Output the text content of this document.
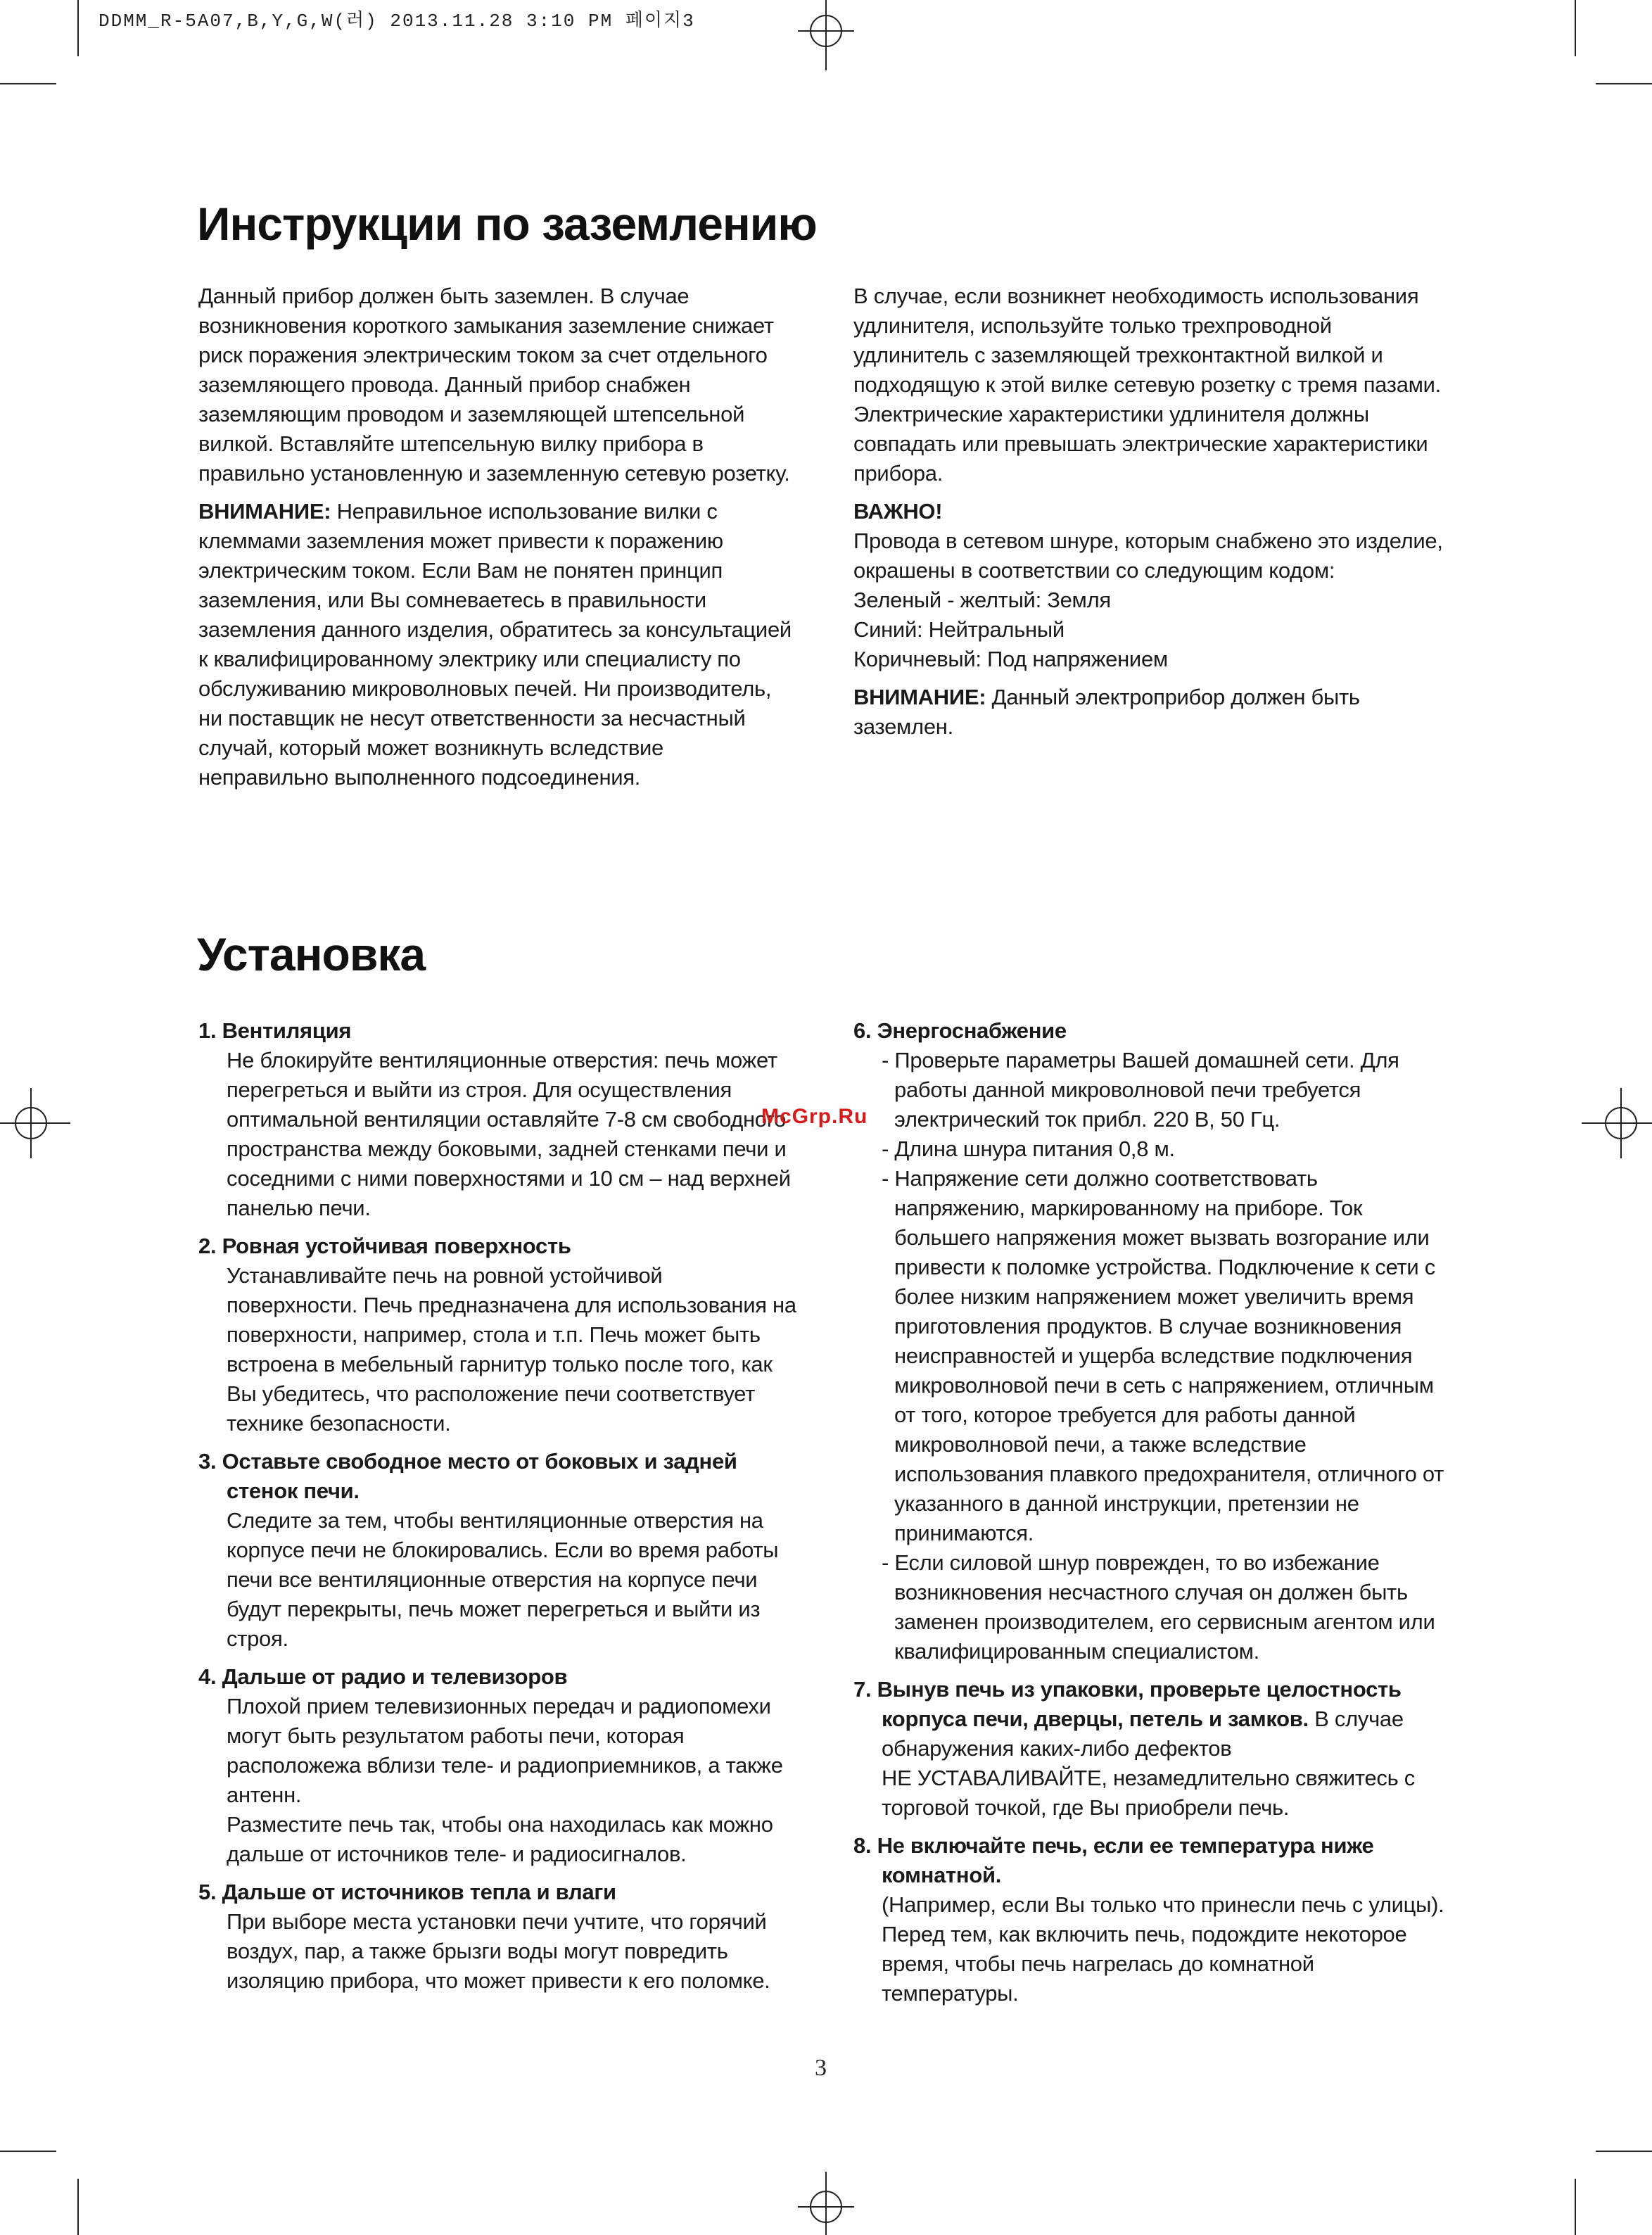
DDMM_R-5A07,B,Y,G,W(러) 2013.11.28 3:10 PM 페이지3
Инструкции по заземлению
Данный прибор должен быть заземлен. В случае
возникновения короткого замыкания заземление снижает
риск поражения электрическим током за счет отдельного
заземляющего провода. Данный прибор снабжен
заземляющим проводом и заземляющей штепсельной
вилкой. Вставляйте штепсельную вилку прибора в
правильно установленную и заземленную сетевую розетку.
ВНИМАНИЕ: Неправильное использование вилки с
клеммами заземления может привести к поражению
электрическим током. Если Вам не понятен принцип
заземления, или Вы сомневаетесь в правильности
заземления данного изделия, обратитесь за консультацией
к квалифицированному электрику или специалисту по
обслуживанию микроволновых печей. Ни производитель,
ни поставщик не несут ответственности за несчастный
случай, который может возникнуть вследствие
неправильно выполненного подсоединения.
В случае, если возникнет необходимость использования
удлинителя, используйте только трехпроводной
удлинитель с заземляющей трехконтактной вилкой и
подходящую к этой вилке сетевую розетку с тремя пазами.
Электрические характеристики удлинителя должны
совпадать или превышать электрические характеристики
прибора.
ВАЖНО!
Провода в сетевом шнуре, которым снабжено это изделие,
окрашены в соответствии со следующим кодом:
Зеленый - желтый: Земля
Синий: Нейтральный
Коричневый: Под напряжением
ВНИМАНИЕ: Данный электроприбор должен быть
заземлен.
Установка
1. Вентиляция
Не блокируйте вентиляционные отверстия: печь может
перегреться и выйти из строя. Для осуществления
оптимальной вентиляции оставляйте 7-8 см свободного
пространства между боковыми, задней стенками печи и
соседними с ними поверхностями и 10 см – над верхней
панелью печи.
2. Ровная устойчивая поверхность
Устанавливайте печь на ровной устойчивой
поверхности. Печь предназначена для использования на
поверхности, например, стола и т.п. Печь может быть
встроена в мебельный гарнитур только после того, как
Вы убедитесь, что расположение печи соответствует
технике безопасности.
3. Оставьте свободное место от боковых и задней
стенок печи.
Следите за тем, чтобы вентиляционные отверстия на
корпусе печи не блокировались. Если во время работы
печи все вентиляционные отверстия на корпусе печи
будут перекрыты, печь может перегреться и выйти из
строя.
4. Дальше от радио и телевизоров
Плохой прием телевизионных передач и радиопомехи
могут быть результатом работы печи, которая
расположежа вблизи теле- и радиоприемников, а также
антенн.
Разместите печь так, чтобы она находилась как можно
дальше от источников теле- и радиосигналов.
5. Дальше от источников тепла и влаги
При выборе места установки печи учтите, что горячий
воздух, пар, а также брызги воды могут повредить
изоляцию прибора, что может привести к его поломке.
6. Энергоснабжение
- Проверьте параметры Вашей домашней сети. Для
работы данной микроволновой печи требуется
электрический ток прибл. 220 В, 50 Гц.
- Длина шнура питания 0,8 м.
- Напряжение сети должно соответствовать
напряжению, маркированному на приборе. Ток
большего напряжения может вызвать возгорание или
привести к поломке устройства. Подключение к сети с
более низким напряжением может увеличить время
приготовления продуктов. В случае возникновения
неисправностей и ущерба вследствие подключения
микроволновой печи в сеть с напряжением, отличным
от того, которое требуется для работы данной
микроволновой печи, а также вследствие
использования плавкого предохранителя, отличного от
указанного в данной инструкции, претензии не
принимаются.
- Если силовой шнур поврежден, то во избежание
возникновения несчастного случая он должен быть
заменен производителем, его сервисным агентом или
квалифицированным специалистом.
7. Вынув печь из упаковки, проверьте целостность
корпуса печи, дверцы, петель и замков. В случае
обнаружения каких-либо дефектов
НЕ УСТАВАЛИВАЙТЕ, незамедлительно свяжитесь с
торговой точкой, где Вы приобрели печь.
8. Не включайте печь, если ее температура ниже
комнатной.
(Например, если Вы только что принесли печь с улицы).
Перед тем, как включить печь, подождите некоторое
время, чтобы печь нагрелась до комнатной
температуры.
McGrp.Ru
3
